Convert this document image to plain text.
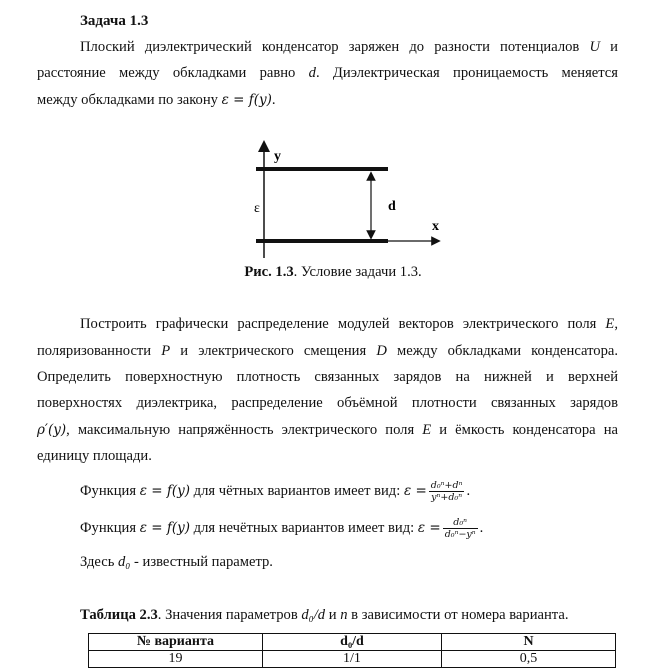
Задача 1.3
Плоский диэлектрический конденсатор заряжен до разности потенциалов U и
расстояние между обкладками равно d. Диэлектрическая проницаемость меняется
между обкладками по закону ε = f(y).
y
x
ε	d
Рис. 1.3. Условие задачи 1.3.
Построить графически распределение модулей векторов электрического поля E,
поляризованности P и электрического смещения D между обкладками конденсатора.
Определить поверхностную плотность связанных зарядов на нижней и верхней
поверхностях диэлектрика, распределение объёмной плотности связанных зарядов
ρ′(y), максимальную напряжённость электрического поля E и ёмкость конденсатора на
единицу площади.
Функция ε = f(y) для чётных вариантов имеет вид: $\varepsilon = \frac{\text{d₀ⁿ+dⁿ}}{\text{yⁿ+d₀ⁿ}}$ .
Функция ε = f(y) для нечётных вариантов имеет вид: $\varepsilon = \frac{\text{d₀ⁿ}}{\text{d₀ⁿ−yⁿ}}$ .
Здесь d₀ - известный параметр.
Таблица 2.3. Значения параметров d₀/d и n в зависимости от номера варианта.
№ варианта	d₀/d	N
19	1/1	0,5
